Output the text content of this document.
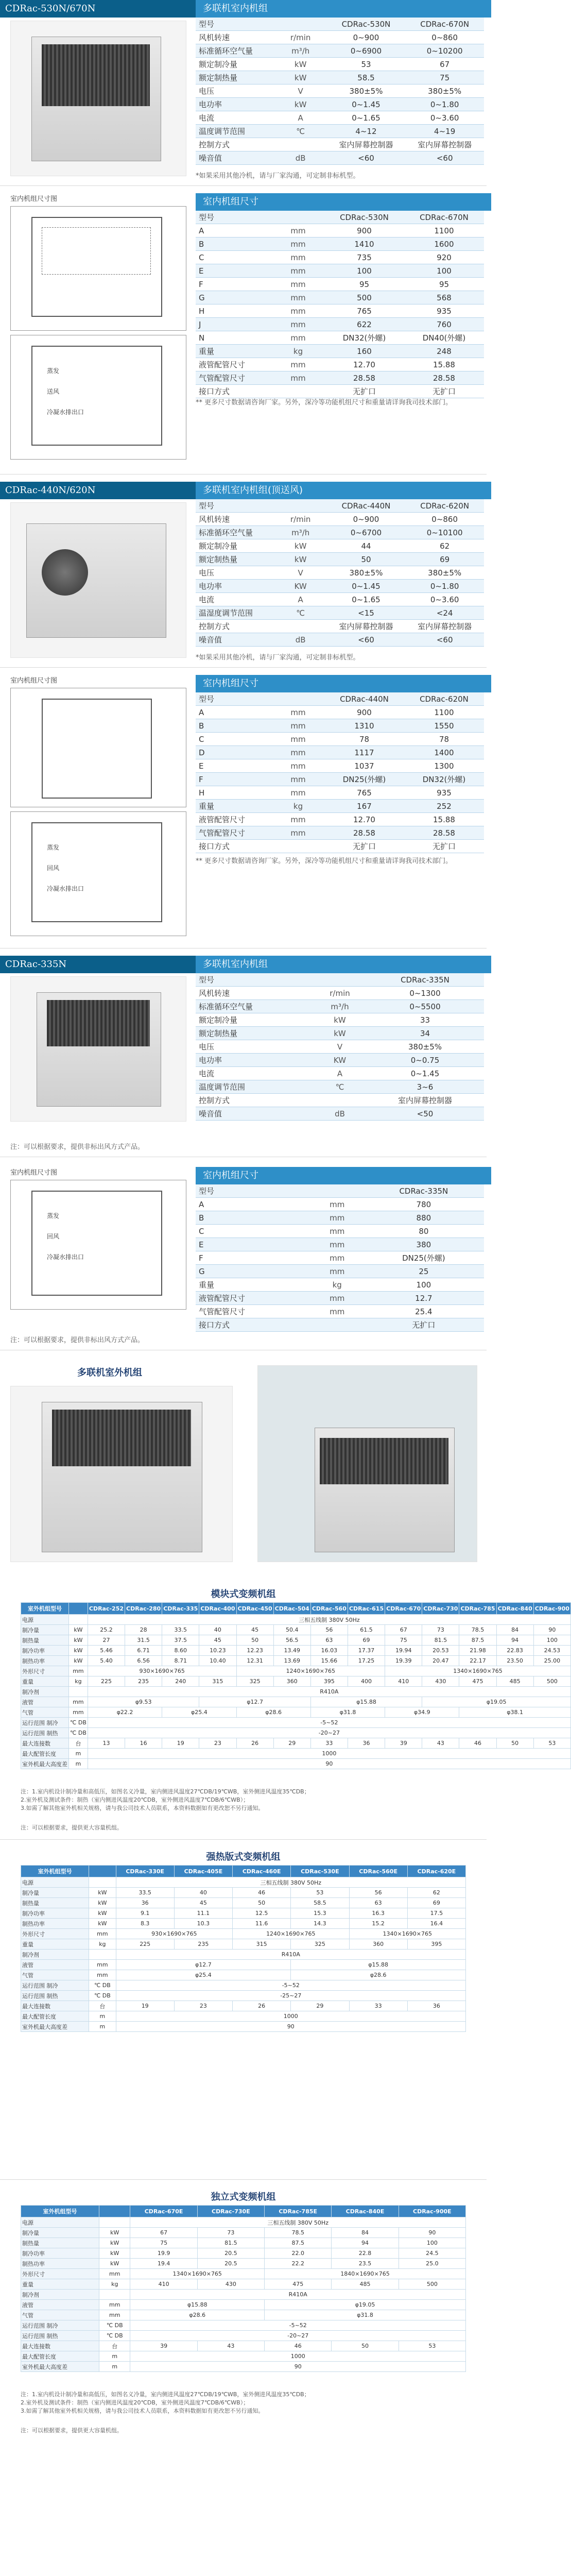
CDRac-530N/670N	多联机室内机组
型号		CDRac-530N	CDRac-670N
风机转速	r/min	0~900	0~860
标准循环空气量	m³/h	0~6900	0~10200
额定制冷量	kW	53	67
额定制热量	kW	58.5	75
电压	V	380±5%	380±5%
电功率	kW	0~1.45	0~1.80
电流	A	0~1.65	0~3.60
温度调节范围	℃	4~12	4~19
控制方式		室内屏幕控制器	室内屏幕控制器
噪音值	dB	<60	<60
*如果采用其他冷机，请与厂家沟通，可定制非标机型。
室内机组尺寸图
蒸发
送风
冷凝水排出口
室内机组尺寸
型号		CDRac-530N	CDRac-670N
A	mm	900	1100
B	mm	1410	1600
C	mm	735	920
E	mm	100	100
F	mm	95	95
G	mm	500	568
H	mm	765	935
J	mm	622	760
N	mm	DN32(外螺)	DN40(外螺)
重量	kg	160	248
液管配管尺寸	mm	12.70	15.88
气管配管尺寸	mm	28.58	28.58
接口方式		无扩口	无扩口
** 更多尺寸数据请咨询厂家。另外，深冷等功能机组尺寸和重量请详询我司技术部门。
CDRac-440N/620N	多联机室内机组(顶送风)
型号		CDRac-440N	CDRac-620N
风机转速	r/min	0~900	0~860
标准循环空气量	m³/h	0~6700	0~10100
额定制冷量	kW	44	62
额定制热量	kW	50	69
电压	V	380±5%	380±5%
电功率	KW	0~1.45	0~1.80
电流	A	0~1.65	0~3.60
温湿度调节范围	℃	<15	<24
控制方式		室内屏幕控制器	室内屏幕控制器
噪音值	dB	<60	<60
*如果采用其他冷机，请与厂家沟通，可定制非标机型。
室内机组尺寸图
蒸发
回风
冷凝水排出口
室内机组尺寸
型号		CDRac-440N	CDRac-620N
A	mm	900	1100
B	mm	1310	1550
C	mm	78	78
D	mm	1117	1400
E	mm	1037	1300
F	mm	DN25(外螺)	DN32(外螺)
H	mm	765	935
重量	kg	167	252
液管配管尺寸	mm	12.70	15.88
气管配管尺寸	mm	28.58	28.58
接口方式		无扩口	无扩口
** 更多尺寸数据请咨询厂家。另外，深冷等功能机组尺寸和重量请详询我司技术部门。
CDRac-335N	多联机室内机组
型号		CDRac-335N
风机转速	r/min	0~1300
标准循环空气量	m³/h	0~5500
额定制冷量	kW	33
额定制热量	kW	34
电压	V	380±5%
电功率	KW	0~0.75
电流	A	0~1.45
温度调节范围	℃	3~6
控制方式		室内屏幕控制器
噪音值	dB	<50
注：可以根据要求，提供非标出风方式产品。
室内机组尺寸图
蒸发
回风
冷凝水排出口
室内机组尺寸
型号		CDRac-335N
A	mm	780
B	mm	880
C	mm	80
E	mm	380
F	mm	DN25(外螺)
G	mm	25
重量	kg	100
液管配管尺寸	mm	12.7
气管配管尺寸	mm	25.4
接口方式		无扩口
注：可以根据要求，提供非标出风方式产品。
多联机室外机组
模块式变频机组
室外机组型号		CDRac-252	CDRac-280	CDRac-335	CDRac-400	CDRac-450	CDRac-504	CDRac-560	CDRac-615	CDRac-670	CDRac-730	CDRac-785	CDRac-840	CDRac-900
电源		三相五线制 380V 50Hz												
制冷量	kW	25.2	28	33.5	40	45	50.4	56	61.5	67	73	78.5	84	90
制热量	kW	27	31.5	37.5	45	50	56.5	63	69	75	81.5	87.5	94	100
制冷功率	kW	5.46	6.71	8.60	10.23	12.23	13.49	16.03	17.37	19.94	20.53	21.98	22.83	24.53
制热功率	kW	5.40	6.56	8.71	10.40	12.31	13.69	15.66	17.25	19.39	20.47	22.17	23.50	25.00
外形尺寸	mm	930×1690×765				1240×1690×765				1340×1690×765				
重量	kg	225	235	240	315	325	360	395	400	410	430	475	485	500
制冷剂		R410A												
液管	mm	φ9.53			φ12.7			φ15.88			φ19.05			
气管	mm	φ22.2		φ25.4		φ28.6		φ31.8		φ34.9		φ38.1		
运行范围 制冷	℃ DB	-5~52												
运行范围 制热	℃ DB	-20~27												
最大连接数	台	13	16	19	23	26	29	33	36	39	43	46	50	53
最大配管长度	m	1000												
室外机最大高度差	m	90												
注：1.室内机设计制冷量和高低压，如图名义冷量，室内侧进风温度27℃DB/19℃WB，室外侧进风温度35℃DB；
2.室外机及测试条件：制热（室内侧进风温度20℃DB，室外侧进风温度7℃DB/6℃WB）；
3.如需了解其他室外机相关规格，请与我公司技术人员联系，本资料数据如有更改恕不另行通知。
注：可以根据要求，提供更大容量机组。
强热版式变频机组
室外机组型号		CDRac-330E	CDRac-405E	CDRac-460E	CDRac-530E	CDRac-560E	CDRac-620E
电源		三相五线制 380V 50Hz					
制冷量	kW	33.5	40	46	53	56	62
制热量	kW	36	45	50	58.5	63	69
制冷功率	kW	9.1	11.1	12.5	15.3	16.3	17.5
制热功率	kW	8.3	10.3	11.6	14.3	15.2	16.4
外形尺寸	mm	930×1690×765		1240×1690×765		1340×1690×765	
重量	kg	225	235	315	325	360	395
制冷剂		R410A					
液管	mm	φ12.7			φ15.88		
气管	mm	φ25.4			φ28.6		
运行范围 制冷	℃ DB	-5~52					
运行范围 制热	℃ DB	-25~27					
最大连接数	台	19	23	26	29	33	36
最大配管长度	m	1000					
室外机最大高度差	m	90					
独立式变频机组
室外机组型号		CDRac-670E	CDRac-730E	CDRac-785E	CDRac-840E	CDRac-900E
电源		三相五线制 380V 50Hz				
制冷量	kW	67	73	78.5	84	90
制热量	kW	75	81.5	87.5	94	100
制冷功率	kW	19.9	20.5	22.0	22.8	24.5
制热功率	kW	19.4	20.5	22.2	23.5	25.0
外形尺寸	mm	1340×1690×765		1840×1690×765		
重量	kg	410	430	475	485	500
制冷剂		R410A				
液管	mm	φ15.88		φ19.05		
气管	mm	φ28.6		φ31.8		
运行范围 制冷	℃ DB	-5~52				
运行范围 制热	℃ DB	-20~27				
最大连接数	台	39	43	46	50	53
最大配管长度	m	1000				
室外机最大高度差	m	90				
注：1.室内机设计制冷量和高低压，如图名义冷量，室内侧进风温度27℃DB/19℃WB，室外侧进风温度35℃DB；
2.室外机及测试条件：制热（室内侧进风温度20℃DB，室外侧进风温度7℃DB/6℃WB）；
3.如需了解其他室外机相关规格，请与我公司技术人员联系，本资料数据如有更改恕不另行通知。
注：可以根据要求，提供更大容量机组。
